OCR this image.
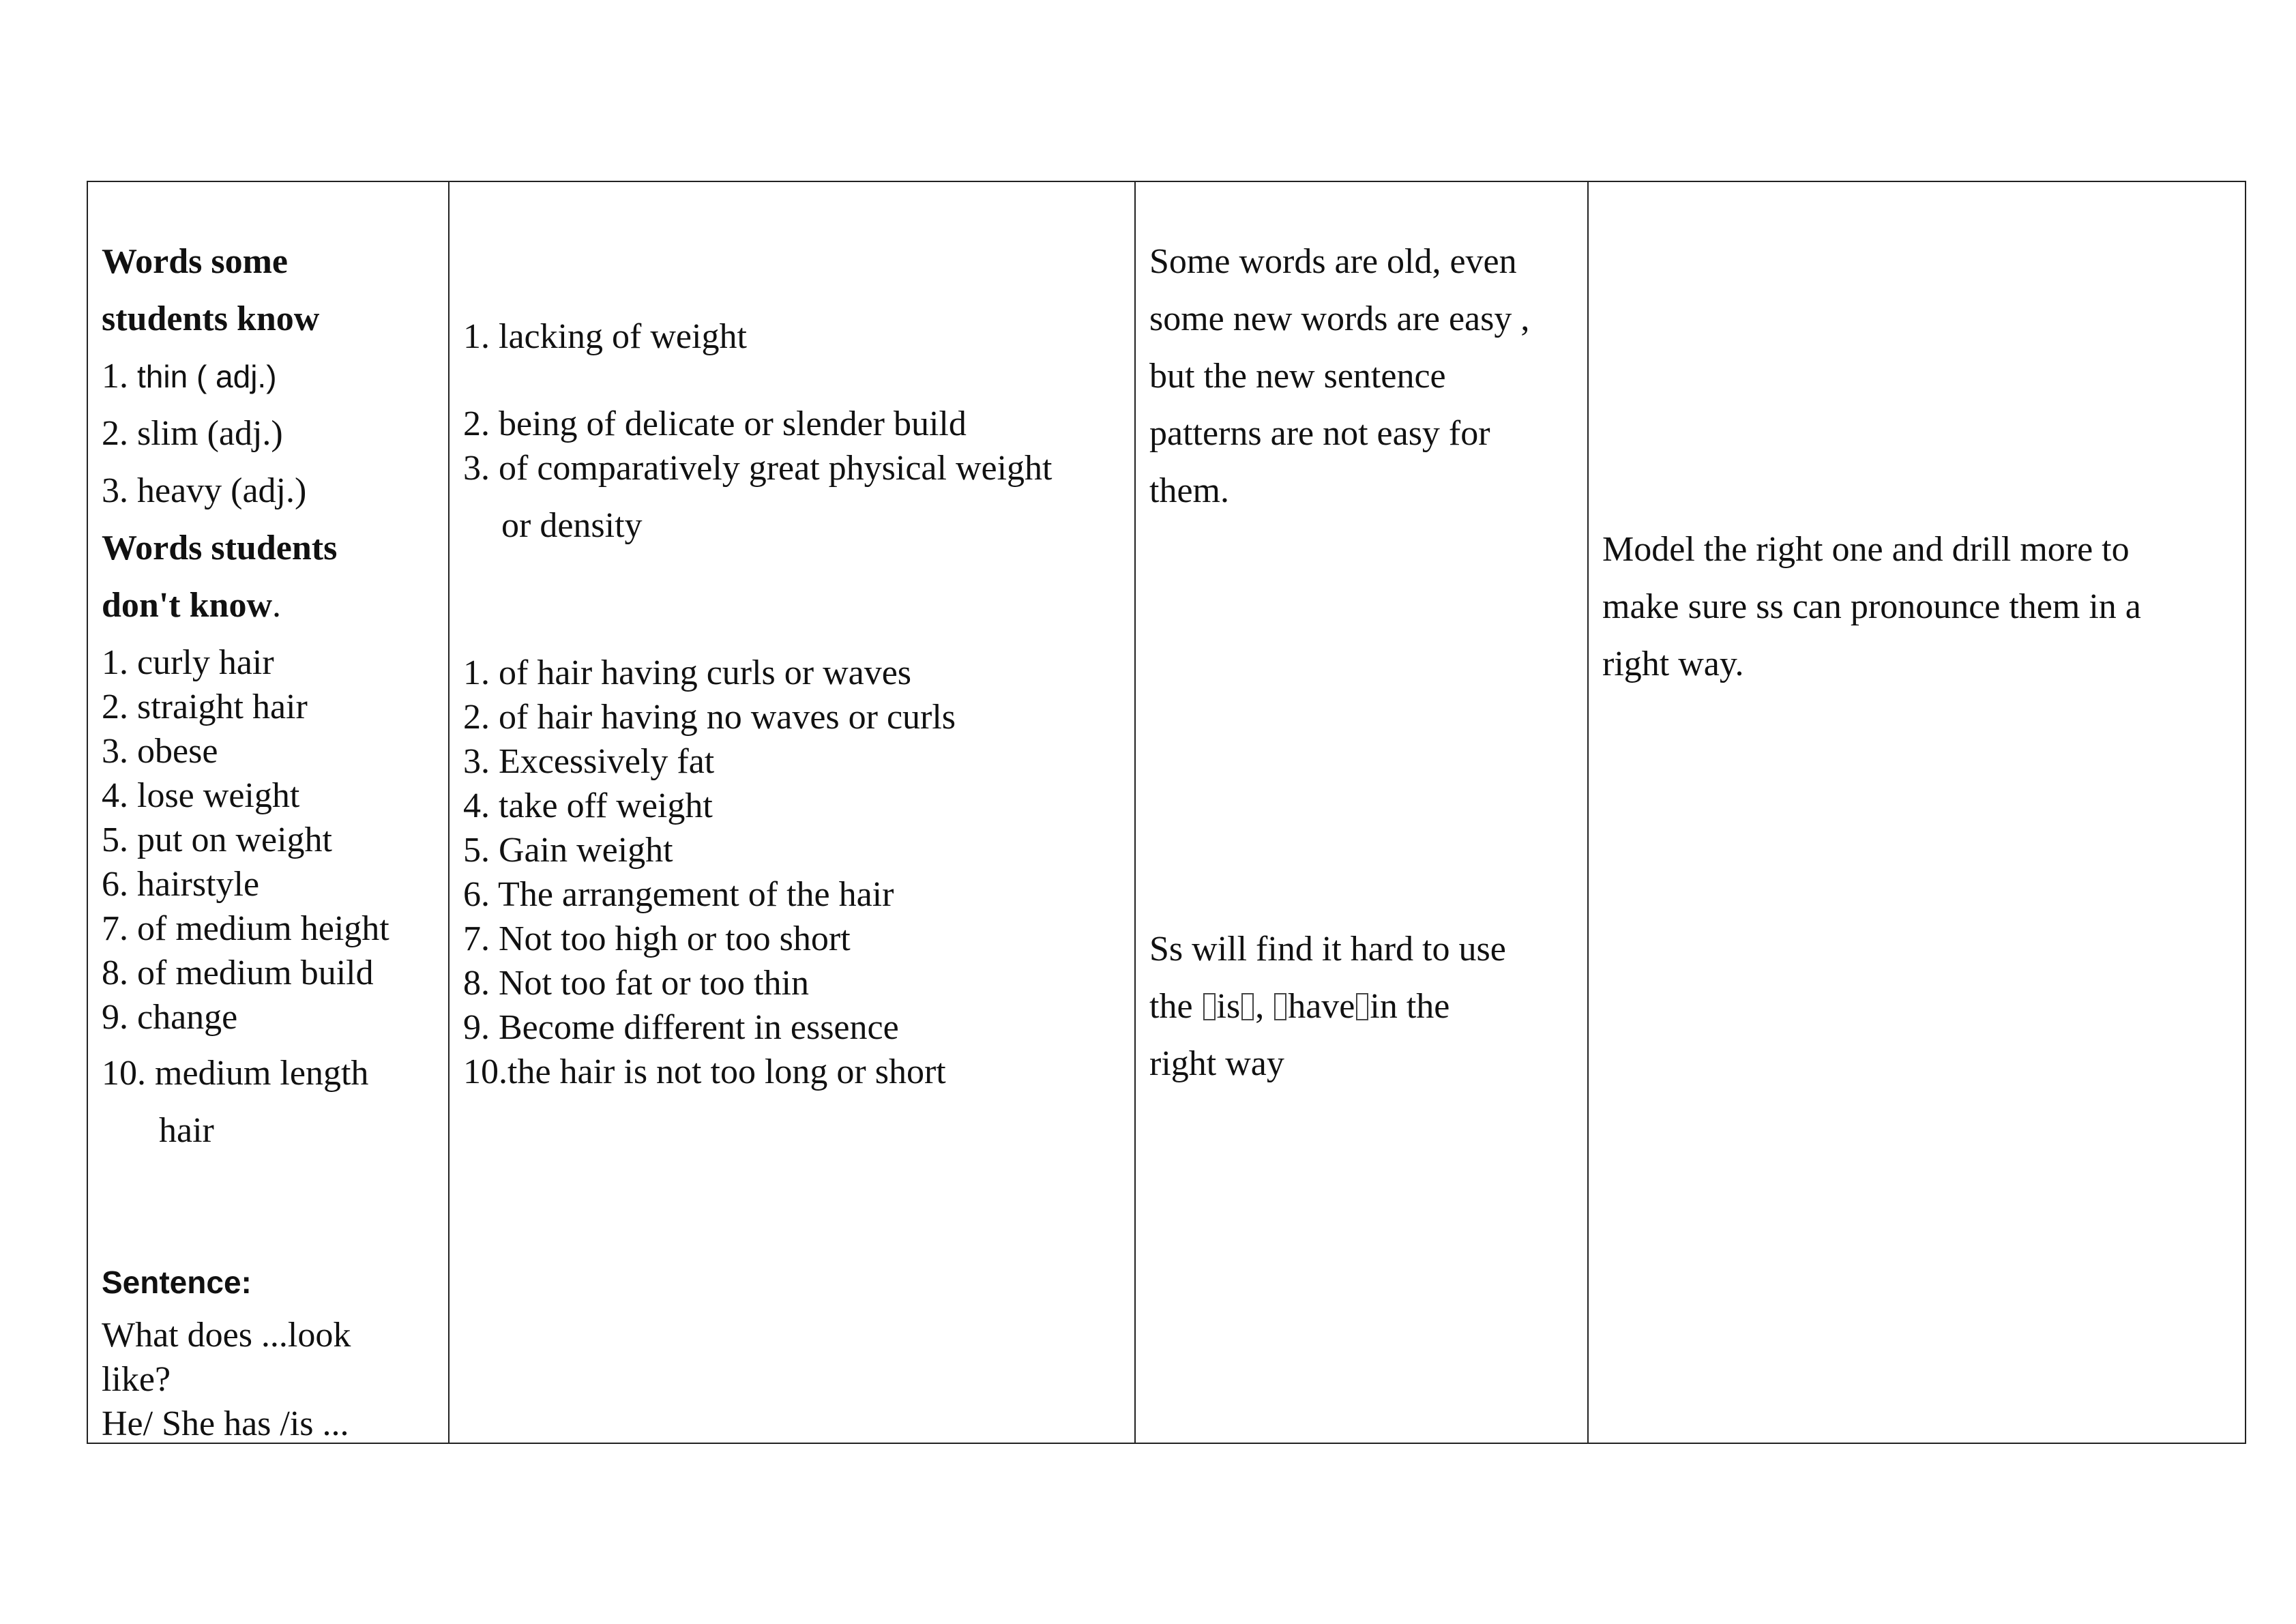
Words some
students know
1. thin ( adj.)
2. slim (adj.)
3. heavy (adj.)
Words students
don't know.
1. curly hair
2. straight hair
3. obese
4. lose weight
5. put on weight
6. hairstyle
7. of medium height
8. of medium build
9. change
10. medium length
hair
Sentence:
What does ...look
like?
He/ She has /is ...
1. lacking of weight
2. being of delicate or slender build
3. of comparatively great physical weight
or density
1. of hair having curls or waves
2. of hair having no waves or curls
3. Excessively fat
4. take off weight
5. Gain weight
6. The arrangement of the hair
7. Not too high or too short
8. Not too fat or too thin
9. Become different in essence
10.the hair is not too long or short
Some words are old, even
some new words are easy ,
but the new sentence
patterns are not easy for
them.
Ss will find it hard to use
the is , have in the
right way
Model the right one and drill more to
make sure ss can pronounce them in a
right way.
